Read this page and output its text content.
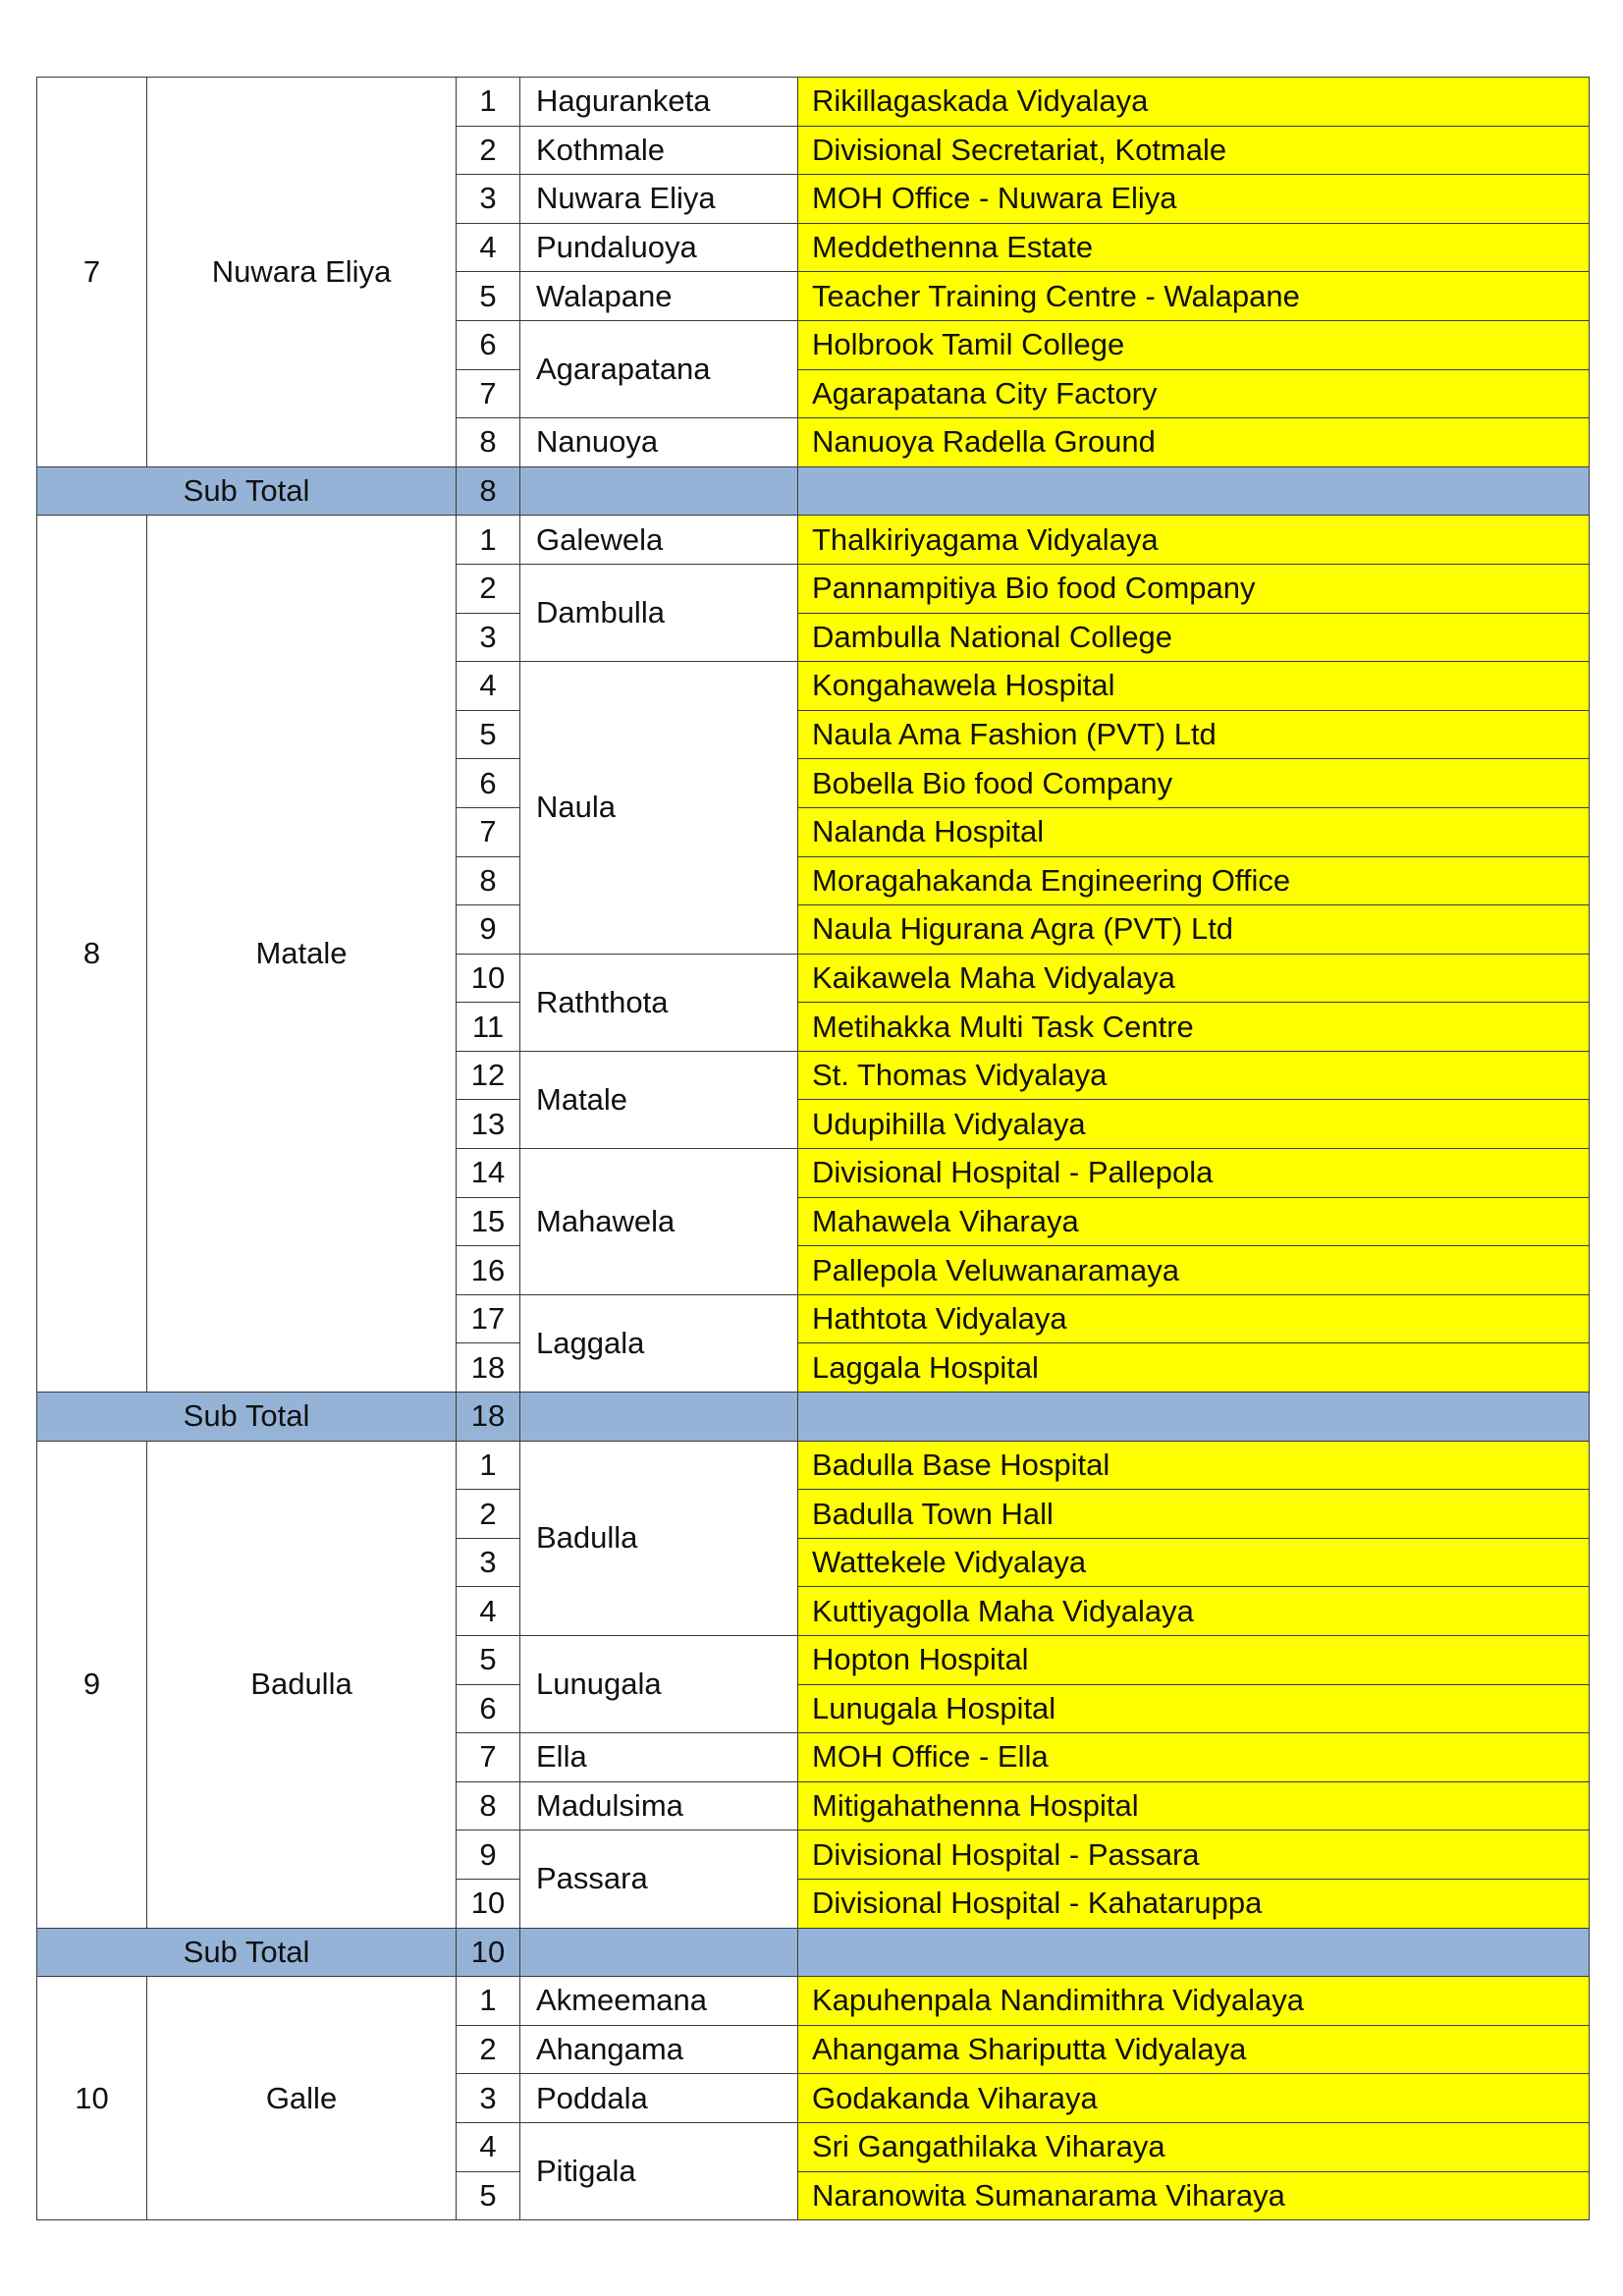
7	Nuwara Eliya	1	Haguranketa	Rikillagaskada Vidyalaya
		2	Kothmale	Divisional Secretariat, Kotmale
		3	Nuwara Eliya	MOH Office - Nuwara Eliya
		4	Pundaluoya	Meddethenna Estate
		5	Walapane	Teacher Training Centre - Walapane
		6	Agarapatana	Holbrook Tamil College
		7		Agarapatana City Factory
		8	Nanuoya	Nanuoya Radella Ground
Sub Total		8		
8	Matale	1	Galewela	Thalkiriyagama Vidyalaya
		2	Dambulla	Pannampitiya Bio food Company
		3		Dambulla National College
		4	Naula	Kongahawela Hospital
		5		Naula Ama Fashion (PVT) Ltd
		6		Bobella Bio food Company
		7		Nalanda Hospital
		8		Moragahakanda Engineering Office
		9		Naula Higurana Agra (PVT) Ltd
		10	Raththota	Kaikawela Maha Vidyalaya
		11		Metihakka Multi Task Centre
		12	Matale	St. Thomas Vidyalaya
		13		Udupihilla Vidyalaya
		14	Mahawela	Divisional Hospital - Pallepola
		15		Mahawela Viharaya
		16		Pallepola Veluwanaramaya
		17	Laggala	Hathtota Vidyalaya
		18		Laggala Hospital
Sub Total		18		
9	Badulla	1	Badulla	Badulla Base Hospital
		2		Badulla Town Hall
		3		Wattekele Vidyalaya
		4		Kuttiyagolla Maha Vidyalaya
		5	Lunugala	Hopton Hospital
		6		Lunugala Hospital
		7	Ella	MOH Office - Ella
		8	Madulsima	Mitigahathenna Hospital
		9	Passara	Divisional Hospital - Passara
		10		Divisional Hospital - Kahataruppa
Sub Total		10		
10	Galle	1	Akmeemana	Kapuhenpala Nandimithra Vidyalaya
		2	Ahangama	Ahangama Shariputta Vidyalaya
		3	Poddala	Godakanda Viharaya
		4	Pitigala	Sri Gangathilaka Viharaya
		5		Naranowita Sumanarama Viharaya
